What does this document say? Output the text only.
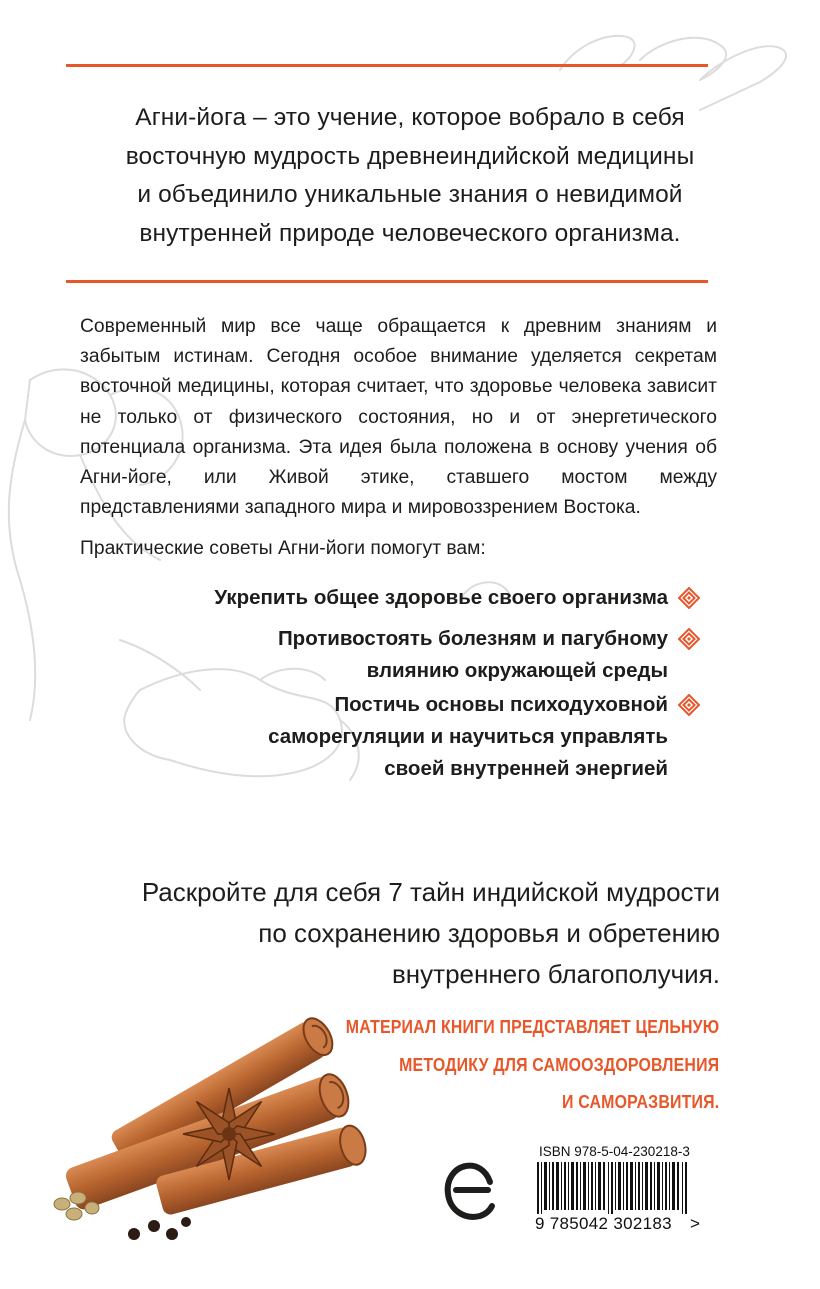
Агни-йога – это учение, которое вобрало в себя
восточную мудрость древнеиндийской медицины
и объединило уникальные знания о невидимой
внутренней природе человеческого организма.

Современный мир все чаще обращается к древним знаниям и забытым истинам. Сегодня особое внимание уделяется секретам восточной медицины, которая считает, что здоровье человека зависит не только от физического состояния, но и от энергетического потенциала организма. Эта идея была положена в основу учения об Агни-йоге, или Живой этике, ставшего мостом между представлениями западного мира и мировоззрением Востока.

Практические советы Агни-йоги помогут вам:

Укрепить общее здоровье своего организма

Противостоять болезням и пагубному
влиянию окружающей среды

Постичь основы психодуховной
саморегуляции и научиться управлять
своей внутренней энергией

Раскройте для себя 7 тайн индийской мудрости
по сохранению здоровья и обретению
внутреннего благополучия.

МАТЕРИАЛ КНИГИ ПРЕДСТАВЛЯЕТ ЦЕЛЬНУЮ
МЕТОДИКУ ДЛЯ САМООЗДОРОВЛЕНИЯ
И САМОРАЗВИТИЯ.

ISBN 978-5-04-230218-3

9 785042 302183 >
